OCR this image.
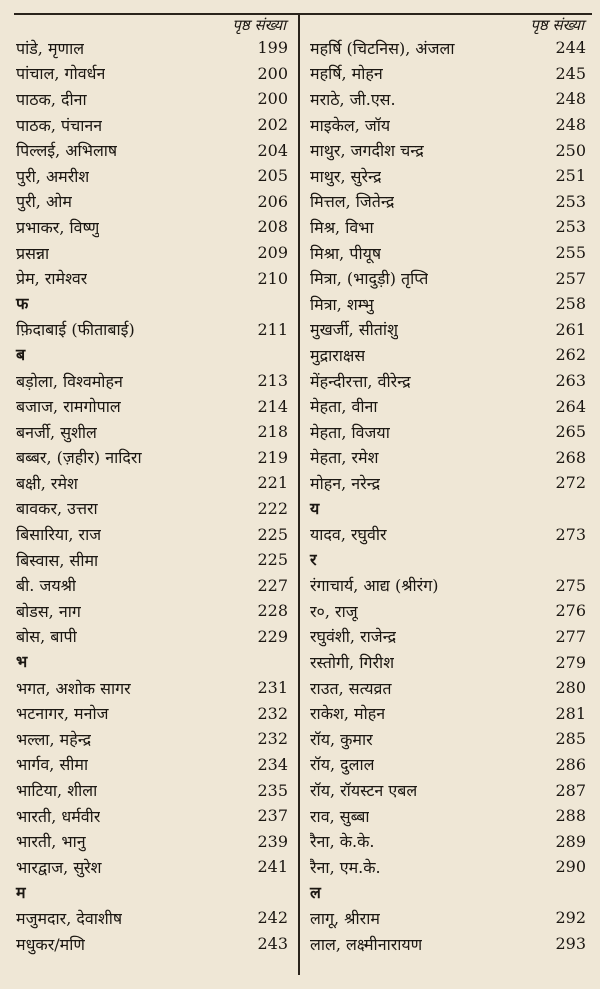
पृष्ठ संख्या
पांडे, मृणाल	199
पांचाल, गोवर्धन	200
पाठक, दीना	200
पाठक, पंचानन	202
पिल्लई, अभिलाष	204
पुरी, अमरीश	205
पुरी, ओम	206
प्रभाकर, विष्णु	208
प्रसन्ना	209
प्रेम, रामेश्वर	210
फ
फ़िदाबाई (फीताबाई)	211
ब
बड़ोला, विश्वमोहन	213
बजाज, रामगोपाल	214
बनर्जी, सुशील	218
बब्बर, (ज़हीर) नादिरा	219
बक्षी, रमेश	221
बावकर, उत्तरा	222
बिसारिया, राज	225
बिस्वास, सीमा	225
बी. जयश्री	227
बोडस, नाग	228
बोस, बापी	229
भ
भगत, अशोक सागर	231
भटनागर, मनोज	232
भल्ला, महेन्द्र	232
भार्गव, सीमा	234
भाटिया, शीला	235
भारती, धर्मवीर	237
भारती, भानु	239
भारद्वाज, सुरेश	241
म
मजुमदार, देवाशीष	242
मधुकर/मणि	243
पृष्ठ संख्या
महर्षि (चिटनिस), अंजला	244
महर्षि, मोहन	245
मराठे, जी.एस.	248
माइकेल, जॉय	248
माथुर, जगदीश चन्द्र	250
माथुर, सुरेन्द्र	251
मित्तल, जितेन्द्र	253
मिश्र, विभा	253
मिश्रा, पीयूष	255
मित्रा, (भादुड़ी) तृप्ति	257
मित्रा, शम्भु	258
मुखर्जी, सीतांशु	261
मुद्राराक्षस	262
मेंहन्दीरत्ता, वीरेन्द्र	263
मेहता, वीना	264
मेहता, विजया	265
मेहता, रमेश	268
मोहन, नरेन्द्र	272
य
यादव, रघुवीर	273
र
रंगाचार्य, आद्य (श्रीरंग)	275
र०, राजू	276
रघुवंशी, राजेन्द्र	277
रस्तोगी, गिरीश	279
राउत, सत्यव्रत	280
राकेश, मोहन	281
रॉय, कुमार	285
रॉय, दुलाल	286
रॉय, रॉयस्टन एबल	287
राव, सुब्बा	288
रैना, के.के.	289
रैना, एम.के.	290
ल
लागू, श्रीराम	292
लाल, लक्ष्मीनारायण	293
